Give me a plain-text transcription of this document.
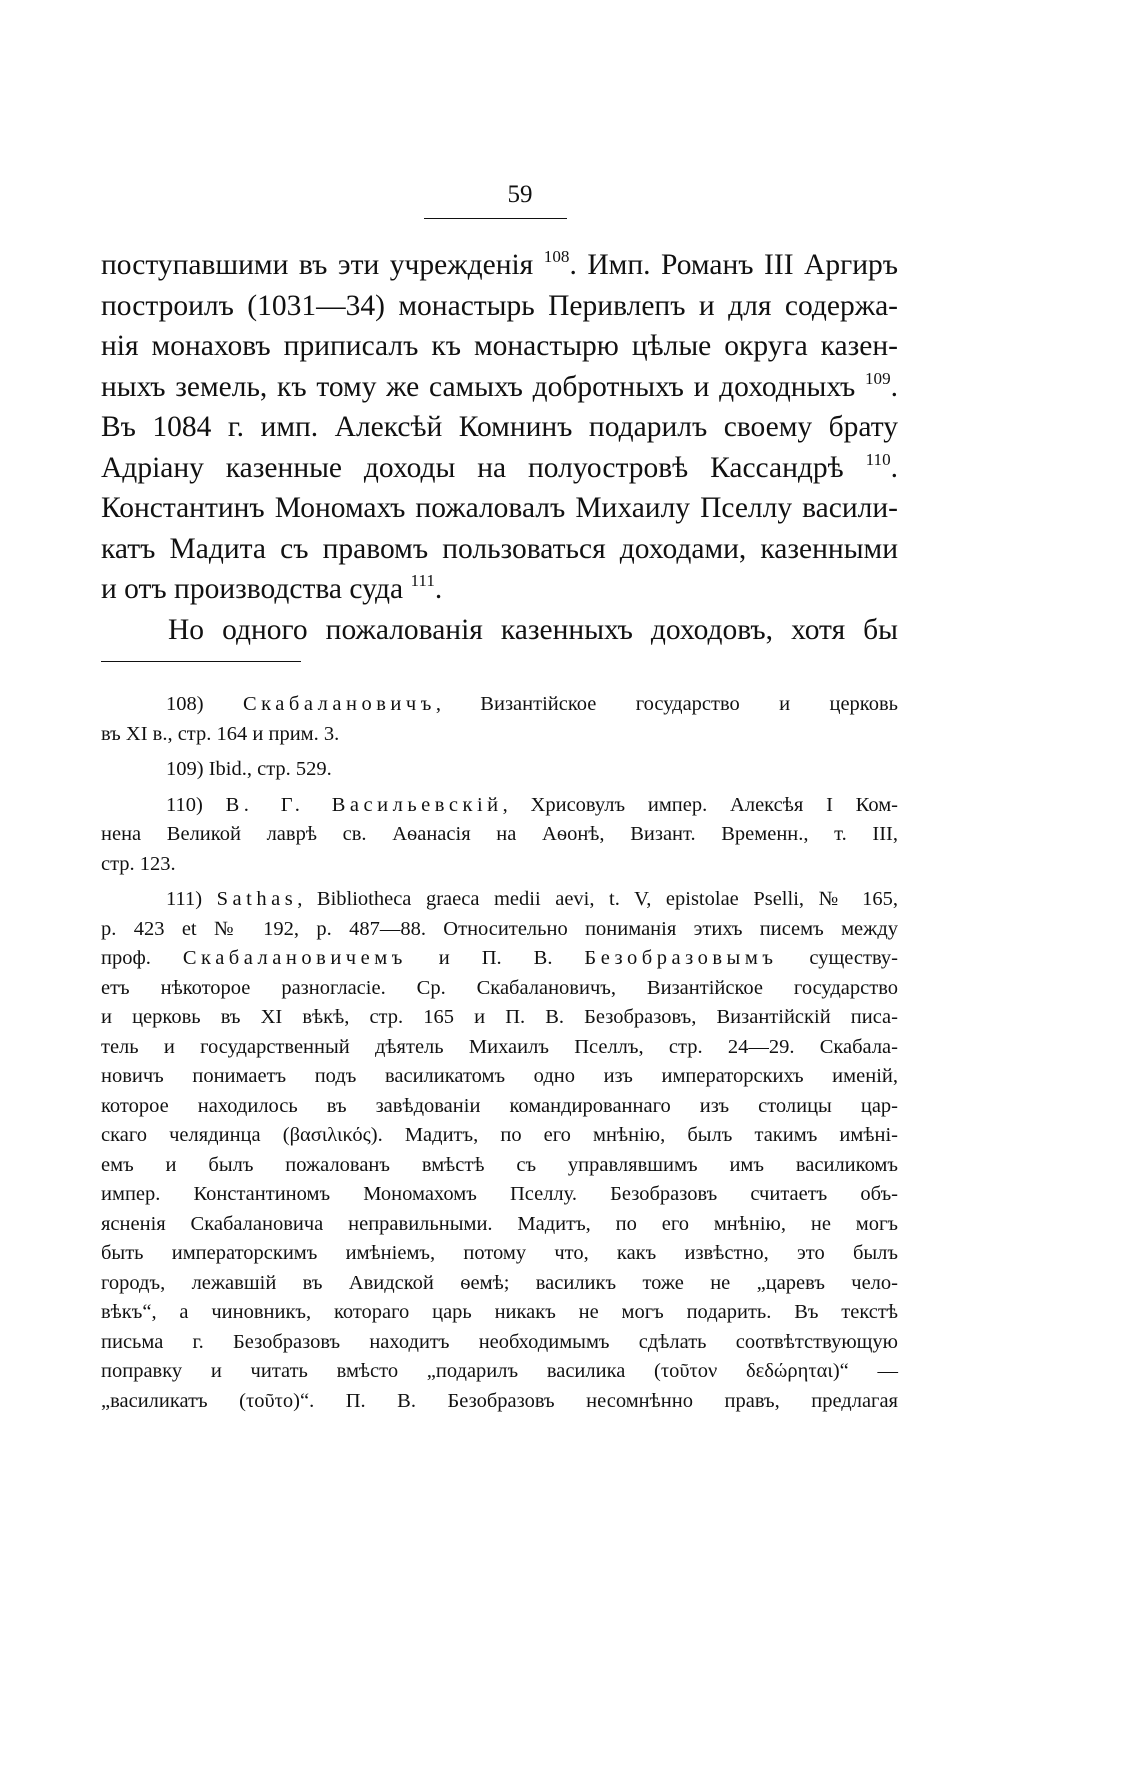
59
поступавшими въ эти учрежденія $^{108}$. Имп. Романъ III Аргиръ
построилъ (1031—34) монастырь Перивлепъ и для содержа-
нія монаховъ приписалъ къ монастырю цѣлые округа казен-
ныхъ земель, къ тому же самыхъ добротныхъ и доходныхъ $^{109}$.
Въ 1084 г. имп. Алексѣй Комнинъ подарилъ своему брату
Адріану казенные доходы на полуостровѣ Кассандрѣ $^{110}$.
Константинъ Мономахъ пожаловалъ Михаилу Пселлу васили-
катъ Мадита съ правомъ пользоваться доходами, казенными
и отъ производства суда $^{111}$.
Но одного пожалованія казенныхъ доходовъ, хотя бы
108) Скабалановичъ, Византійское государство и церковь
въ XI в., стр. 164 и прим. 3.
109) Ibid., стр. 529.
110) В. Г. Васильевскій, Хрисовулъ импер. Алексѣя I Ком-
нена Великой лаврѣ св. Аѳанасія на Аѳонѣ, Визант. Временн., т. III,
стр. 123.
111) Sathas, Bibliotheca graeca medii aevi, t. V, epistolae Pselli, № 165,
p. 423 et № 192, p. 487—88. Относительно пониманія этихъ писемъ между
проф. Скабалановичемъ и П. В. Безобразовымъ существу-
етъ нѣкоторое разногласіе. Ср. Скабалановичъ, Византійское государство
и церковь въ XI вѣкѣ, стр. 165 и П. В. Безобразовъ, Византійскій писа-
тель и государственный дѣятель Михаилъ Пселлъ, стр. 24—29. Скабала-
новичъ понимаетъ подъ василикатомъ одно изъ императорскихъ именій,
которое находилось въ завѣдованіи командированнаго изъ столицы цар-
скаго челядинца (βασιλικός). Мадитъ, по его мнѣнію, былъ такимъ имѣні-
емъ и былъ пожалованъ вмѣстѣ съ управлявшимъ имъ василикомъ
импер. Константиномъ Мономахомъ Пселлу. Безобразовъ считаетъ объ-
ясненія Скабалановича неправильными. Мадитъ, по его мнѣнію, не могъ
быть императорскимъ имѣніемъ, потому что, какъ извѣстно, это былъ
городъ, лежавшій въ Авидской ѳемѣ; василикъ тоже не „царевъ чело-
вѣкъ“, а чиновникъ, котораго царь никакъ не могъ подарить. Въ текстѣ
письма г. Безобразовъ находитъ необходимымъ сдѣлать соотвѣтствующую
поправку и читать вмѣсто „подарилъ василика (τοῦτον δεδώρηται)“ —
„василикатъ (τοῦτο)“. П. В. Безобразовъ несомнѣнно правъ, предлагая
